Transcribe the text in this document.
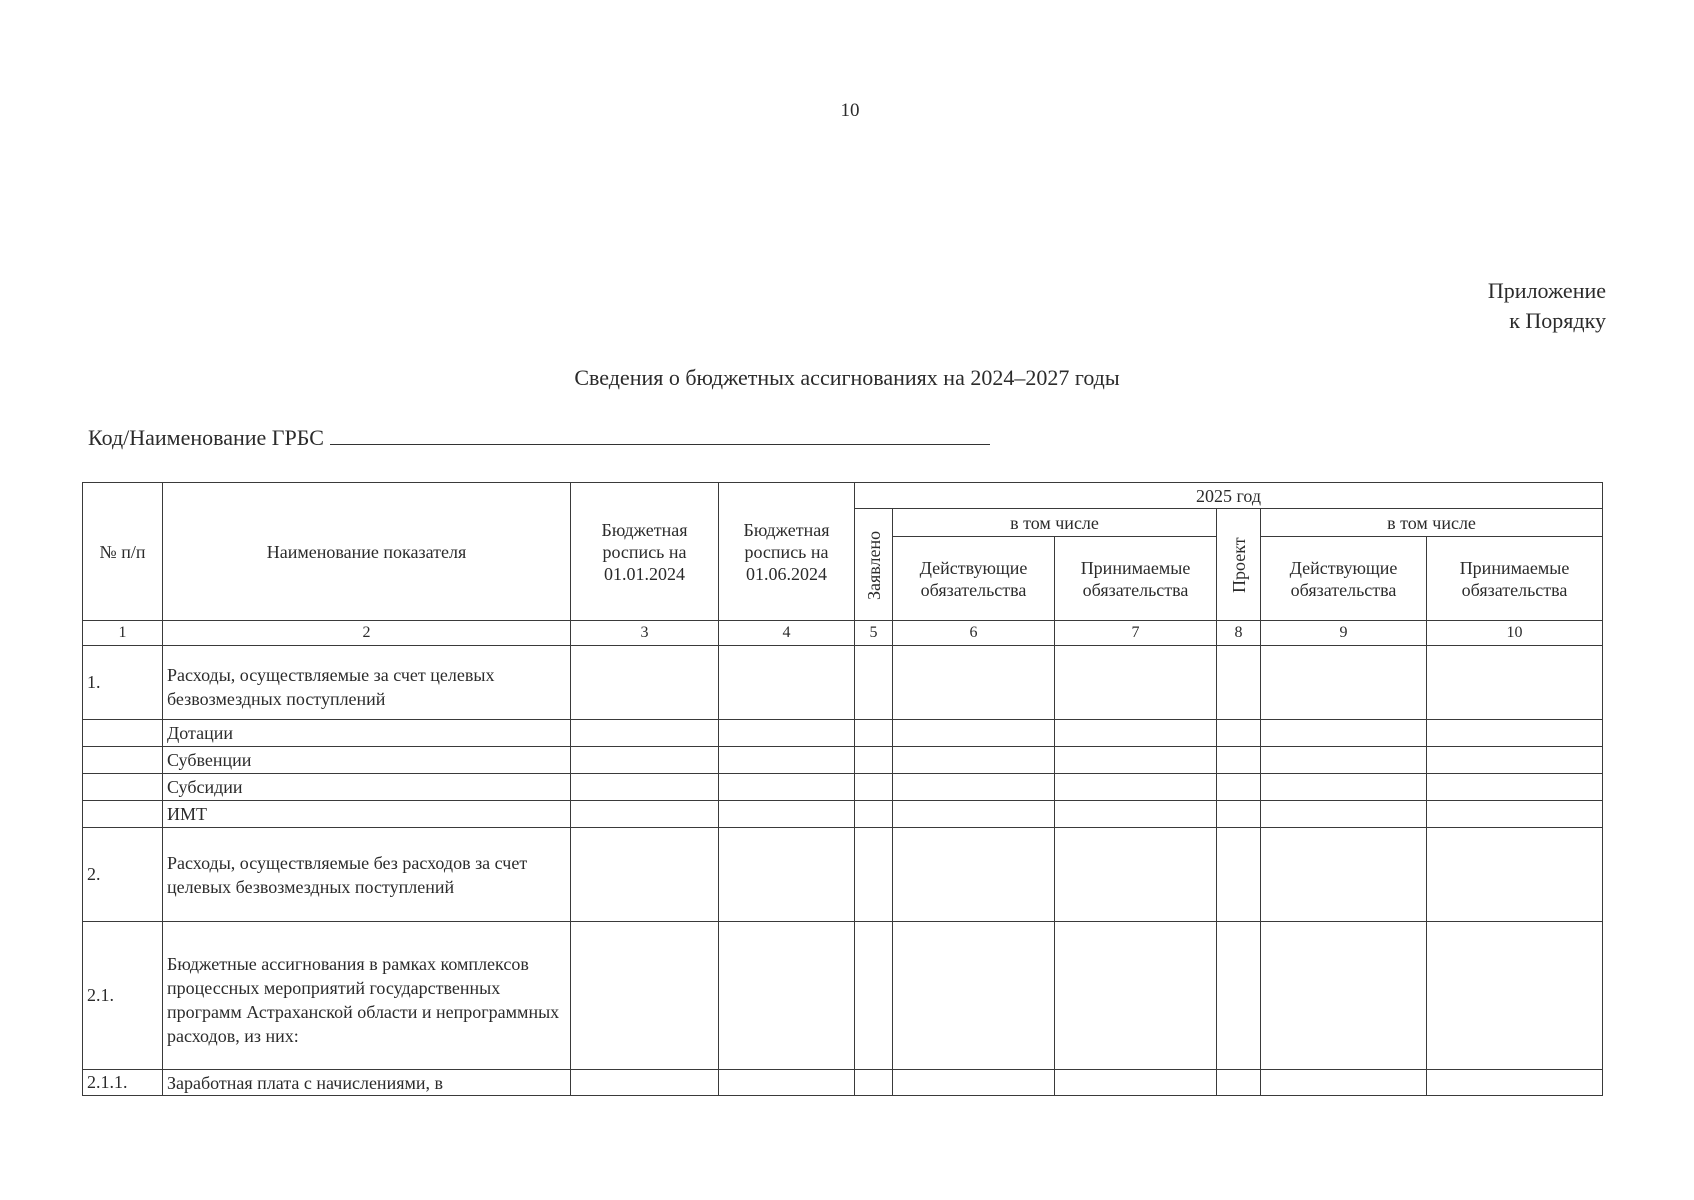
10
Приложение
к Порядку
Сведения о бюджетных ассигнованиях на 2024–2027 годы
Код/Наименование ГРБС
№ п/п	Наименование показателя	Бюджетная роспись на 01.01.2024	Бюджетная роспись на 01.06.2024	2025 год					
				Заявлено	в том числе		Проект	в том числе	
					Действующие обязательства	Принимаемые обязательства		Действующие обязательства	Принимаемые обязательства
1	2	3	4	5	6	7	8	9	10
1.	Расходы, осуществляемые за счет целевых безвозмездных поступлений								
	Дотации								
	Субвенции								
	Субсидии								
	ИМТ								
2.	Расходы, осуществляемые без расходов за счет целевых безвозмездных поступлений								
2.1.	Бюджетные ассигнования в рамках комплексов процессных мероприятий государственных программ Астраханской области и непрограммных расходов, из них:								
2.1.1.	Заработная плата с начислениями, в								
